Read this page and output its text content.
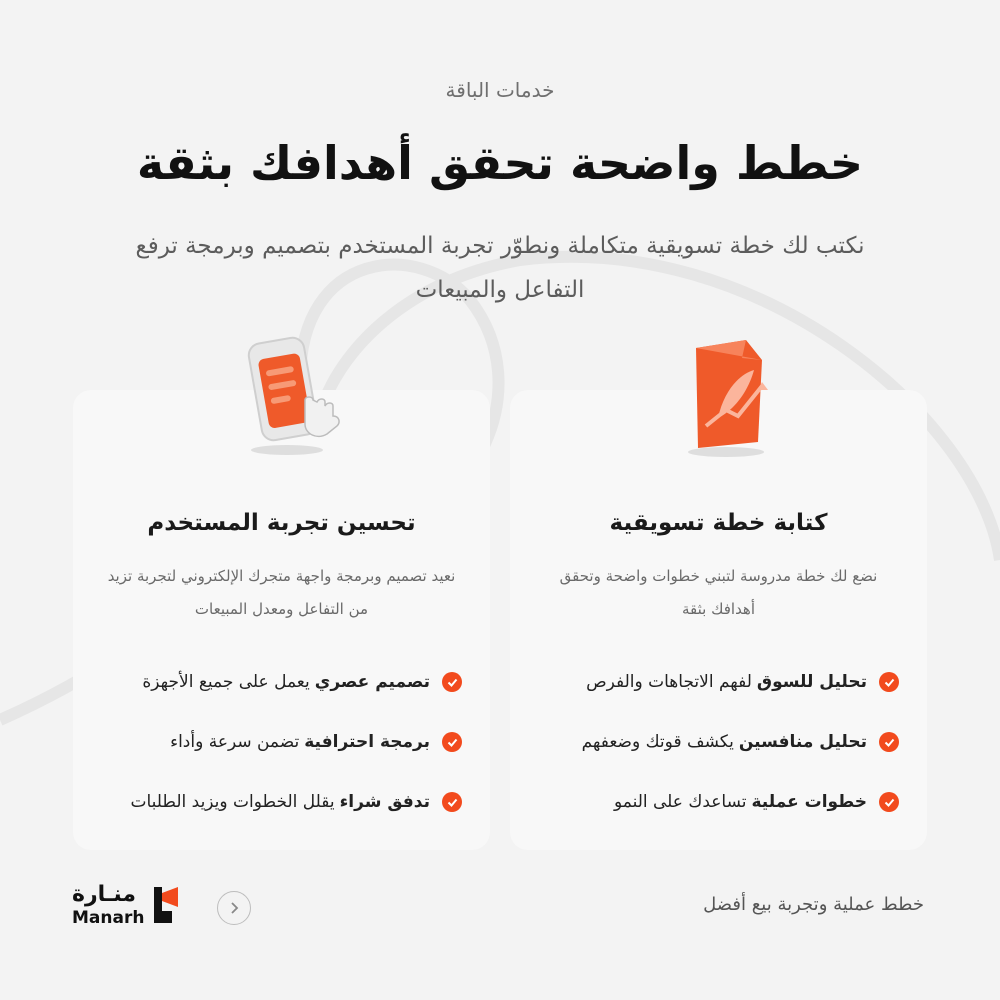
خدمات الباقة
خطط واضحة تحقق أهدافك بثقة
نكتب لك خطة تسويقية متكاملة ونطوّر تجربة المستخدم بتصميم وبرمجة ترفع التفاعل والمبيعات
كتابة خطة تسويقية
نضع لك خطة مدروسة لتبني خطوات واضحة وتحقق أهدافك بثقة
تحليل للسوق
لفهم الاتجاهات والفرص
تحليل منافسين
يكشف قوتك وضعفهم
خطوات عملية
تساعدك على النمو
تحسين تجربة المستخدم
نعيد تصميم وبرمجة واجهة متجرك الإلكتروني لتجربة تزيد من التفاعل ومعدل المبيعات
تصميم عصري
يعمل على جميع الأجهزة
برمجة احترافية
تضمن سرعة وأداء
تدفق شراء
يقلل الخطوات ويزيد الطلبات
خطط عملية وتجربة بيع أفضل
منـارة
Manarh
